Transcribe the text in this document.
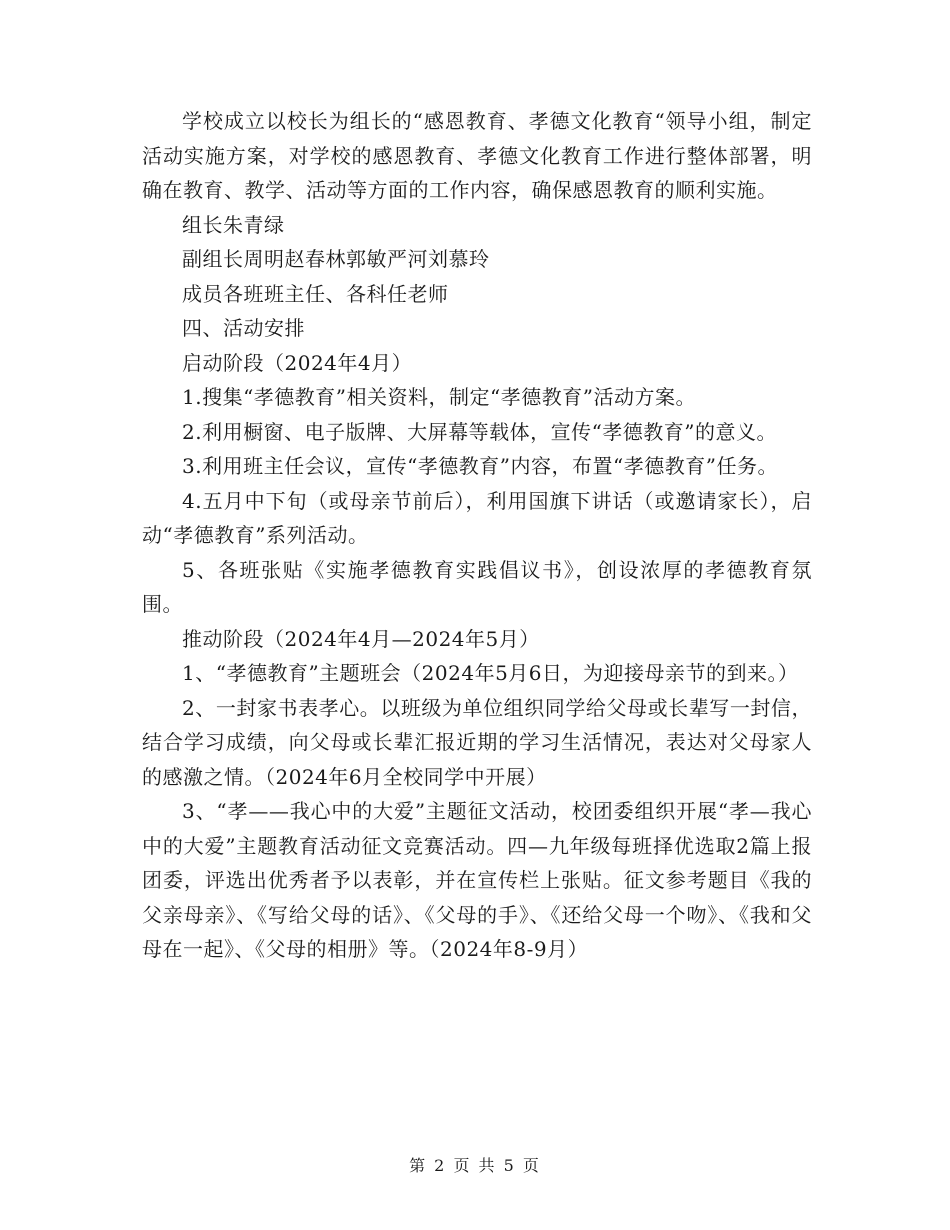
学校成立以校长为组长的“感恩教育、孝德文化教育“领导小组，制定活动实施方案，对学校的感恩教育、孝德文化教育工作进行整体部署，明确在教育、教学、活动等方面的工作内容，确保感恩教育的顺利实施。

组长朱青绿

副组长周明赵春林郭敏严河刘慕玲

成员各班班主任、各科任老师

四、活动安排

启动阶段（2024年4月）

1.搜集“孝德教育”相关资料，制定“孝德教育”活动方案。

2.利用橱窗、电子版牌、大屏幕等载体，宣传“孝德教育”的意义。

3.利用班主任会议，宣传“孝德教育”内容，布置“孝德教育”任务。

4.五月中下旬（或母亲节前后），利用国旗下讲话（或邀请家长），启动“孝德教育”系列活动。

5、各班张贴《实施孝德教育实践倡议书》，创设浓厚的孝德教育氛围。

推动阶段（2024年4月—2024年5月）

1、“孝德教育”主题班会（2024年5月6日，为迎接母亲节的到来。）

2、一封家书表孝心。以班级为单位组织同学给父母或长辈写一封信，结合学习成绩，向父母或长辈汇报近期的学习生活情况，表达对父母家人的感激之情。（2024年6月全校同学中开展）

3、“孝——我心中的大爱”主题征文活动，校团委组织开展“孝—我心中的大爱”主题教育活动征文竞赛活动。四—九年级每班择优选取2篇上报团委，评选出优秀者予以表彰，并在宣传栏上张贴。征文参考题目《我的父亲母亲》、《写给父母的话》、《父母的手》、《还给父母一个吻》、《我和父母在一起》、《父母的相册》等。（2024年8-9月）

第 2 页 共 5 页
